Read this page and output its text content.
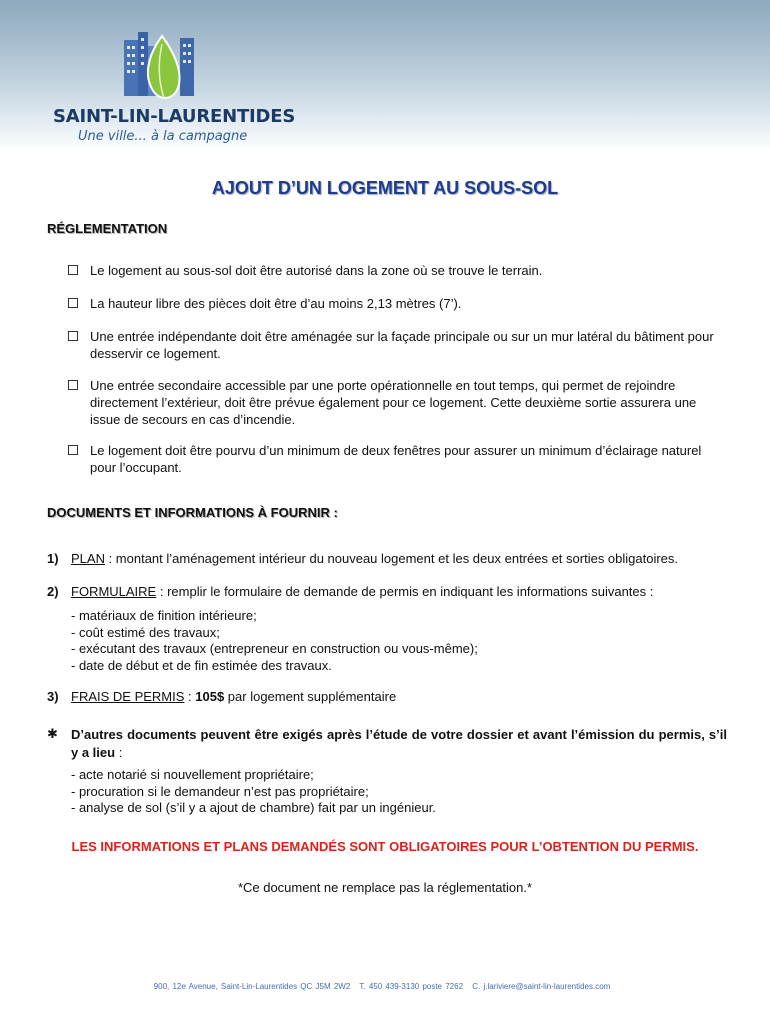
SAINT-LIN-LAURENTIDES
Une ville... à la campagne
AJOUT D’UN LOGEMENT AU SOUS-SOL
RÉGLEMENTATION
Le logement au sous-sol doit être autorisé dans la zone où se trouve le terrain.
La hauteur libre des pièces doit être d’au moins 2,13 mètres (7’).
Une entrée indépendante doit être aménagée sur la façade principale ou sur un mur latéral du bâtiment pour desservir ce logement.
Une entrée secondaire accessible par une porte opérationnelle en tout temps, qui permet de rejoindre directement l’extérieur, doit être prévue également pour ce logement. Cette deuxième sortie assurera une issue de secours en cas d’incendie.
Le logement doit être pourvu d’un minimum de deux fenêtres pour assurer un minimum d’éclairage naturel pour l’occupant.
DOCUMENTS ET INFORMATIONS À FOURNIR :
1) PLAN : montant l’aménagement intérieur du nouveau logement et les deux entrées et sorties obligatoires.
2) FORMULAIRE : remplir le formulaire de demande de permis en indiquant les informations suivantes :
- matériaux de finition intérieure;
- coût estimé des travaux;
- exécutant des travaux (entrepreneur en construction ou vous-même);
- date de début et de fin estimée des travaux.
3) FRAIS DE PERMIS : 105$ par logement supplémentaire
✱ D’autres documents peuvent être exigés après l’étude de votre dossier et avant l’émission du permis, s’il y a lieu :
- acte notarié si nouvellement propriétaire;
- procuration si le demandeur n’est pas propriétaire;
- analyse de sol (s’il y a ajout de chambre) fait par un ingénieur.
LES INFORMATIONS ET PLANS DEMANDÉS SONT OBLIGATOIRES POUR L’OBTENTION DU PERMIS.
*Ce document ne remplace pas la réglementation.*
900, 12e Avenue, Saint-Lin-Laurentides QC J5M 2W2 T. 450 439-3130 poste 7262 C. j.lariviere@saint-lin-laurentides.com
